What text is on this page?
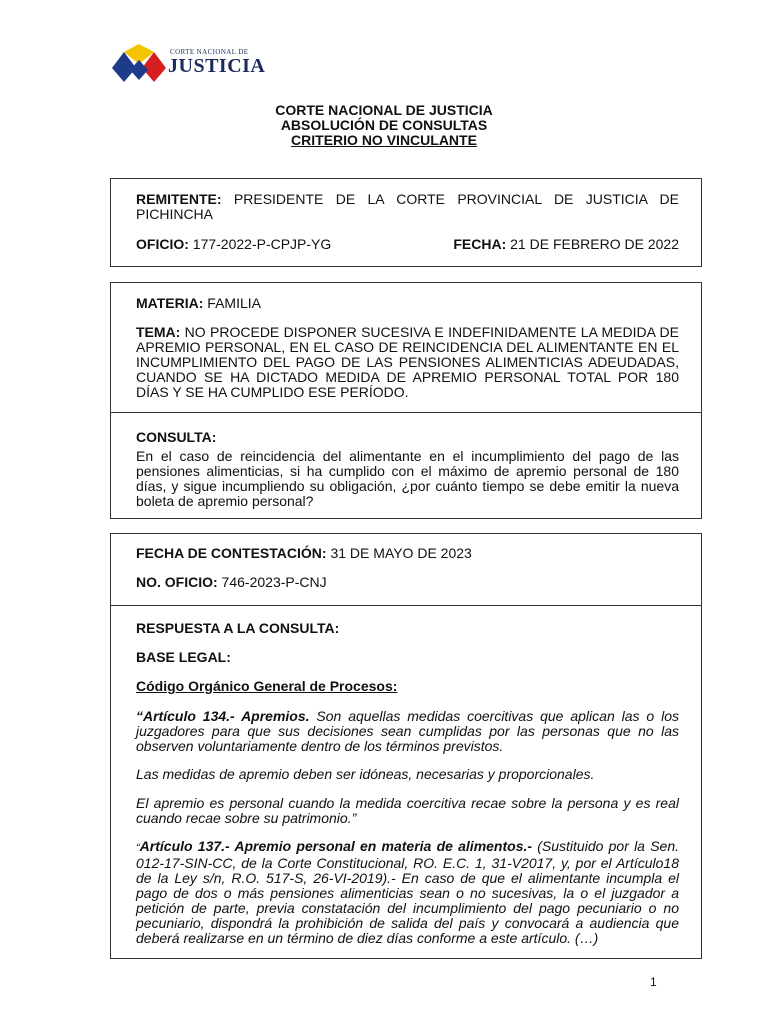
CORTE NACIONAL DE
JUSTICIA
CORTE NACIONAL DE JUSTICIA
ABSOLUCIÓN DE CONSULTAS
CRITERIO NO VINCULANTE

REMITENTE: PRESIDENTE DE LA CORTE PROVINCIAL DE JUSTICIA DE PICHINCHA

OFICIO: 177-2022-P-CPJP-YG	FECHA: 21 DE FEBRERO DE 2022

MATERIA: FAMILIA

TEMA: NO PROCEDE DISPONER SUCESIVA E INDEFINIDAMENTE LA MEDIDA DE APREMIO PERSONAL, EN EL CASO DE REINCIDENCIA DEL ALIMENTANTE EN EL INCUMPLIMIENTO DEL PAGO DE LAS PENSIONES ALIMENTICIAS ADEUDADAS, CUANDO SE HA DICTADO MEDIDA DE APREMIO PERSONAL TOTAL POR 180 DÍAS Y SE HA CUMPLIDO ESE PERÍODO.

CONSULTA:

En el caso de reincidencia del alimentante en el incumplimiento del pago de las pensiones alimenticias, si ha cumplido con el máximo de apremio personal de 180 días, y sigue incumpliendo su obligación, ¿por cuánto tiempo se debe emitir la nueva boleta de apremio personal?

FECHA DE CONTESTACIÓN: 31 DE MAYO DE 2023

NO. OFICIO: 746-2023-P-CNJ

RESPUESTA A LA CONSULTA:

BASE LEGAL:

Código Orgánico General de Procesos:

“Artículo 134.- Apremios. Son aquellas medidas coercitivas que aplican las o los juzgadores para que sus decisiones sean cumplidas por las personas que no las observen voluntariamente dentro de los términos previstos.

Las medidas de apremio deben ser idóneas, necesarias y proporcionales.

El apremio es personal cuando la medida coercitiva recae sobre la persona y es real cuando recae sobre su patrimonio.”

“Artículo 137.- Apremio personal en materia de alimentos.- (Sustituido por la Sen. 012-17-SIN-CC, de la Corte Constitucional, RO. E.C. 1, 31-V2017, y, por el Artículo18 de la Ley s/n, R.O. 517-S, 26-VI-2019).- En caso de que el alimentante incumpla el pago de dos o más pensiones alimenticias sean o no sucesivas, la o el juzgador a petición de parte, previa constatación del incumplimiento del pago pecuniario o no pecuniario, dispondrá la prohibición de salida del país y convocará a audiencia que deberá realizarse en un término de diez días conforme a este artículo. (…)

1
